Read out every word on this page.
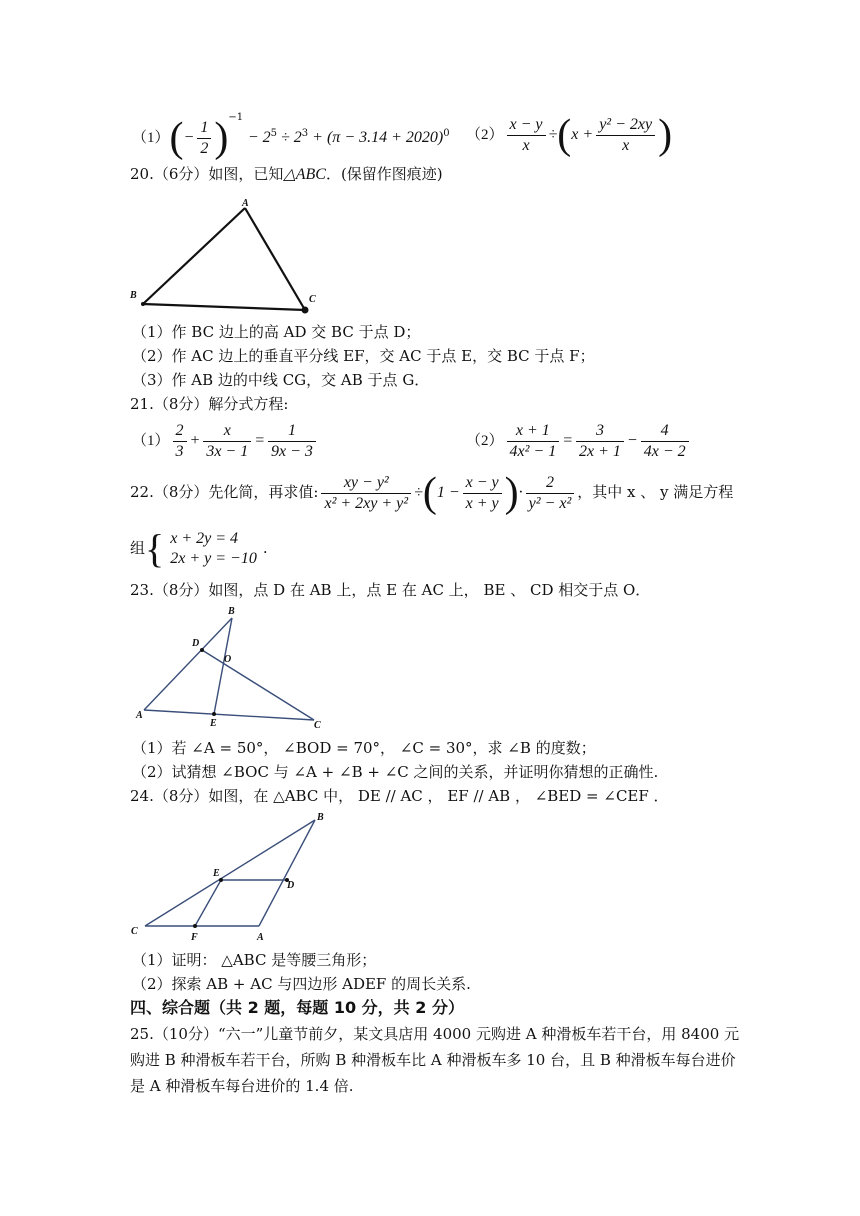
$(1)(- \frac{1}{2} )^{-1} - 2^5 \div 2^3 + (\pi - 3.14 + 2020)^0$ $(2) \frac{x - y}{x} \div(x + \frac{\text{y² − 2xy}}{x}$ )
20.（6分）如图，已知△ABC．(保留作图痕迹)
A
B	C
（1）作 BC 边上的高 AD 交 BC 于点 D；
（2）作 AC 边上的垂直平分线 EF，交 AC 于点 E，交 BC 于点 F；
（3）作 AB 边的中线 CG，交 AB 于点 G．
21.（8分）解分式方程:
$(1) \frac{2}{3} + \frac{x}{3x - 1} = \frac{1}{9x - 3}$	$(2) \frac{x + 1}{\text{4x² − 1}} = \frac{3}{2x + 1} - \frac{4}{4x - 2}$
22.（8分）先化简，再求值: $\frac{\text{xy − y²}}{\text{x² + 2xy + y²}} \div(1 - \frac{x - y}{x + y}$ )· $\frac{2}{\text{y² − x²}}$ ，其中 x 、 y 满足方程
组{ x + 2y = 4
2x + y = −10
.
23.（8分）如图，点 D 在 AB 上，点 E 在 AC 上， BE 、 CD 相交于点 O．
B
D
O
A
E	C
（1）若 ∠A = 50°， ∠BOD = 70°， ∠C = 30°，求 ∠B 的度数；
（2）试猜想 ∠BOC 与 ∠A + ∠B + ∠C 之间的关系，并证明你猜想的正确性.
24.（8分）如图，在 △ABC 中， DE // AC ， EF // AB ， ∠BED = ∠CEF ．
B
E
D
C
F	A
（1）证明： △ABC 是等腰三角形；
（2）探索 AB + AC 与四边形 ADEF 的周长关系.
四、综合题（共 2 题，每题 10 分，共 2 分）
25.（10分）“六一”儿童节前夕，某文具店用 4000 元购进 A 种滑板车若干台，用 8400 元
购进 B 种滑板车若干台，所购 B 种滑板车比 A 种滑板车多 10 台，且 B 种滑板车每台进价
是 A 种滑板车每台进价的 1.4 倍.
